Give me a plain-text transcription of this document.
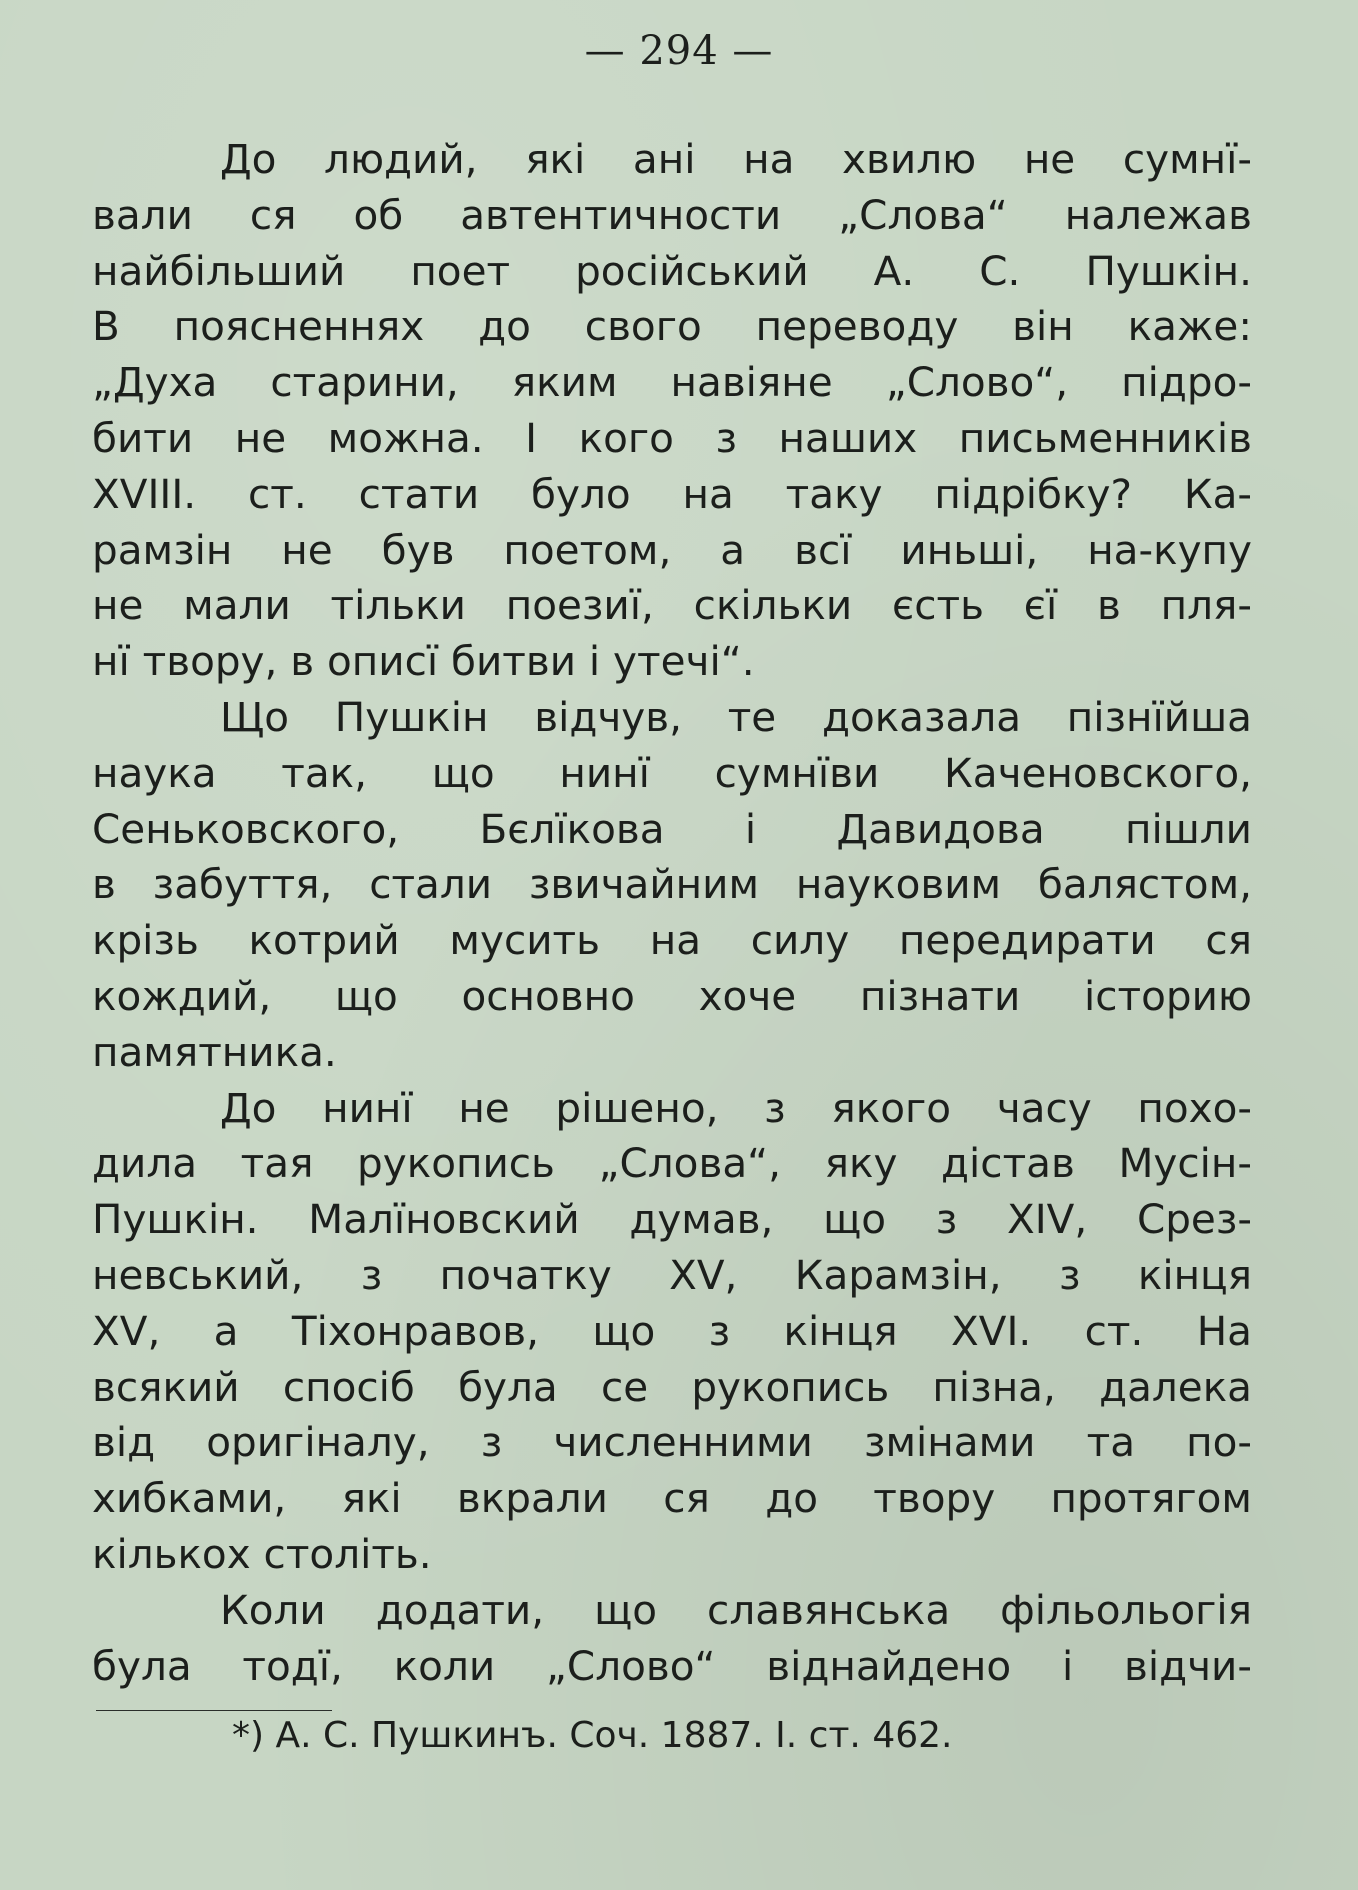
— 294 —
До людий, які ані на хвилю не сумнї-
вали ся об автентичности „Слова“ належав
найбільший поет російський А. С. Пушкін.
В поясненнях до свого переводу він каже:
„Духа старини, яким навіяне „Слово“, підро-
бити не можна. І кого з наших письменників
XVIII. ст. стати було на таку підрібку? Ка-
рамзін не був поетом, а всї иньші, на-купу
не мали тільки поезиї, скільки єсть єї в пля-
нї твору, в описї битви і утечі“.
Що Пушкін відчув, те доказала пізнїйша
наука так, що нинї сумнїви Каченовского,
Сеньковского, Бєлїкова і Давидова пішли
в забуття, стали звичайним науковим балястом,
крізь котрий мусить на силу передирати ся
кождий, що основно хоче пізнати історию
памятника.
До нинї не рішено, з якого часу похо-
дила тая рукопись „Слова“, яку дістав Мусін-
Пушкін. Малїновский думав, що з XIV, Срез-
невський, з початку XV, Карамзін, з кінця
XV, а Тіхонравов, що з кінця XVI. ст. На
всякий спосіб була се рукопись пізна, далека
від оригіналу, з численними змінами та по-
хибками, які вкрали ся до твору протягом
кількох століть.
Коли додати, що славянська фільольогія
була тодї, коли „Слово“ віднайдено і відчи-
*) А. С. Пушкинъ. Соч. 1887. I. ст. 462.
